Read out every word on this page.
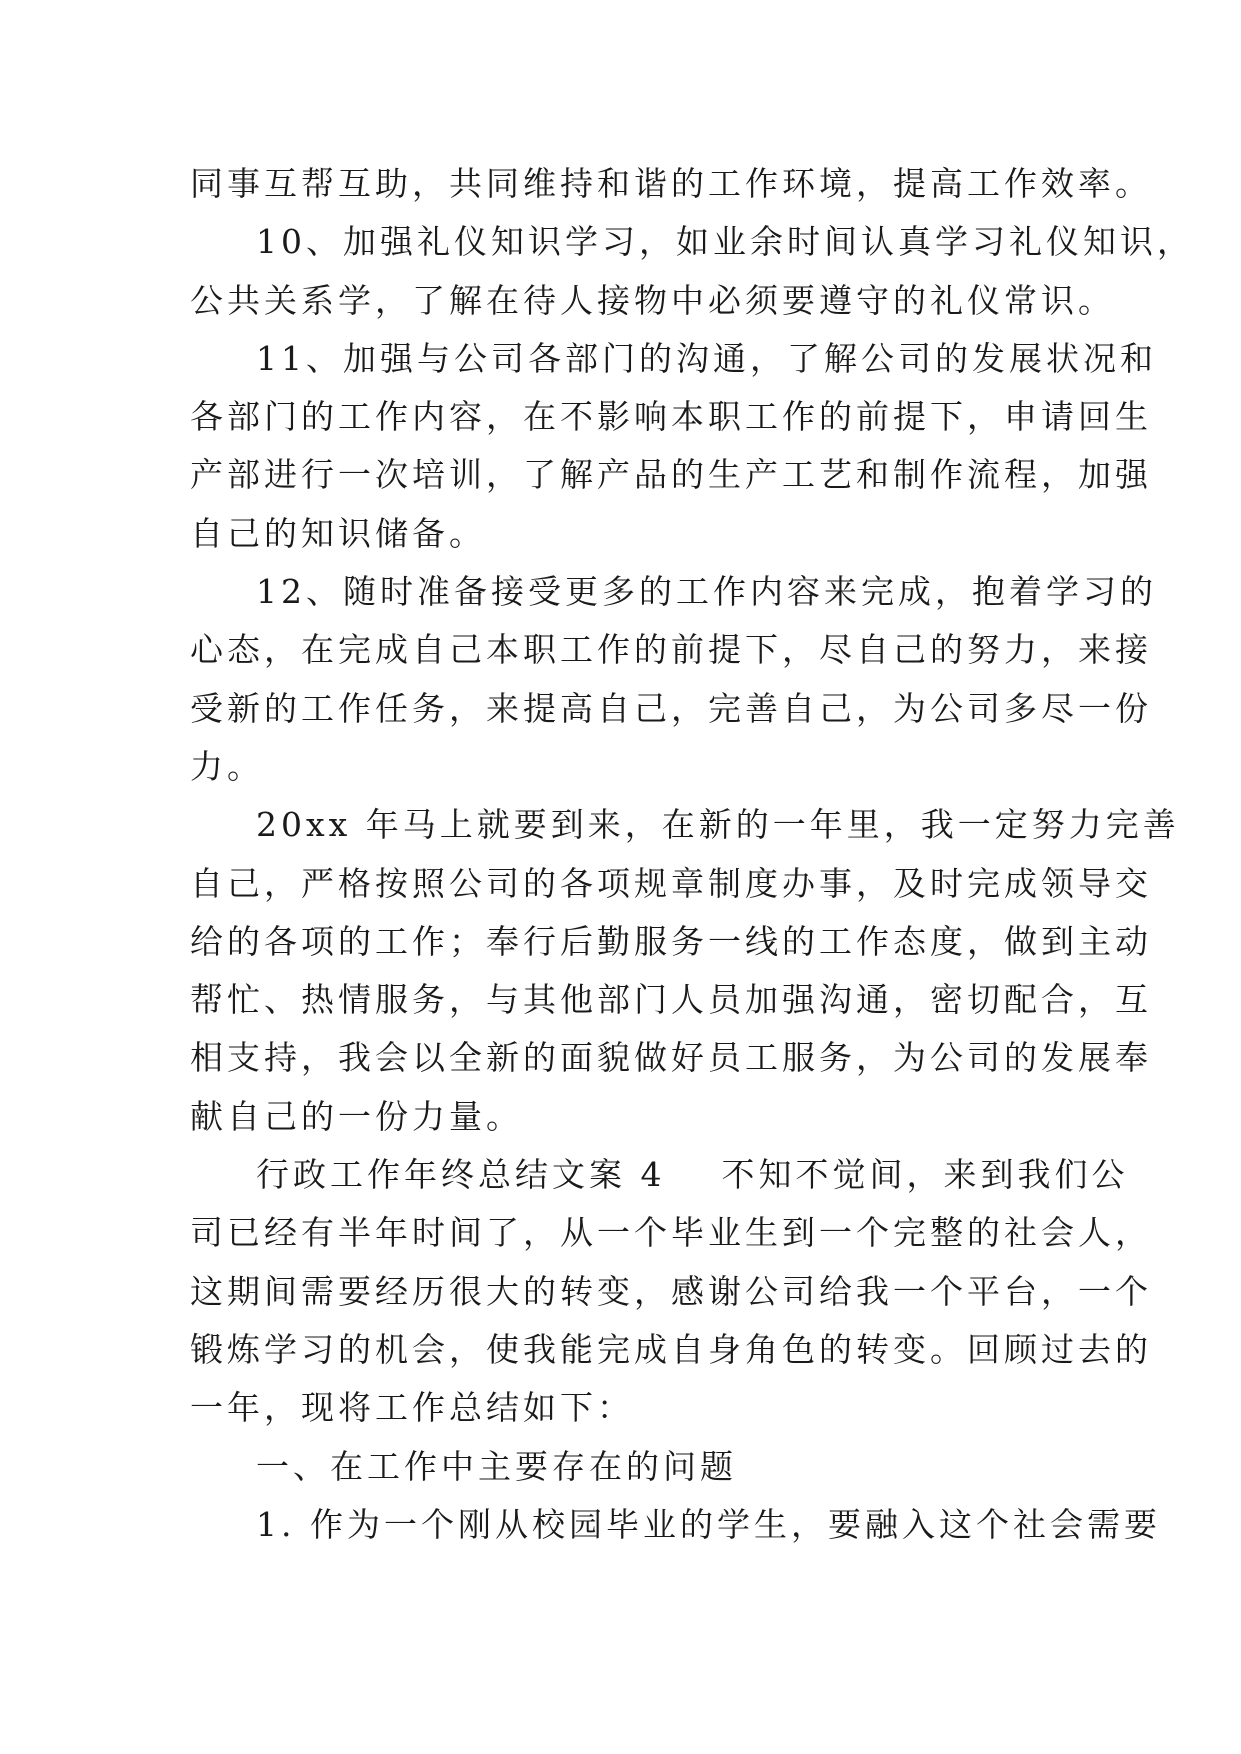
同事互帮互助，共同维持和谐的工作环境，提高工作效率。
10、加强礼仪知识学习，如业余时间认真学习礼仪知识，
公共关系学，了解在待人接物中必须要遵守的礼仪常识。
11、加强与公司各部门的沟通，了解公司的发展状况和
各部门的工作内容，在不影响本职工作的前提下，申请回生
产部进行一次培训，了解产品的生产工艺和制作流程，加强
自己的知识储备。
12、随时准备接受更多的工作内容来完成，抱着学习的
心态，在完成自己本职工作的前提下，尽自己的努力，来接
受新的工作任务，来提高自己，完善自己，为公司多尽一份
力。
20xx 年马上就要到来，在新的一年里，我一定努力完善
自己，严格按照公司的各项规章制度办事，及时完成领导交
给的各项的工作；奉行后勤服务一线的工作态度，做到主动
帮忙、热情服务，与其他部门人员加强沟通，密切配合，互
相支持，我会以全新的面貌做好员工服务，为公司的发展奉
献自己的一份力量。
行政工作年终总结文案 4 不知不觉间，来到我们公
司已经有半年时间了，从一个毕业生到一个完整的社会人，
这期间需要经历很大的转变，感谢公司给我一个平台，一个
锻炼学习的机会，使我能完成自身角色的转变。回顾过去的
一年，现将工作总结如下：
一、在工作中主要存在的问题
1. 作为一个刚从校园毕业的学生，要融入这个社会需要
